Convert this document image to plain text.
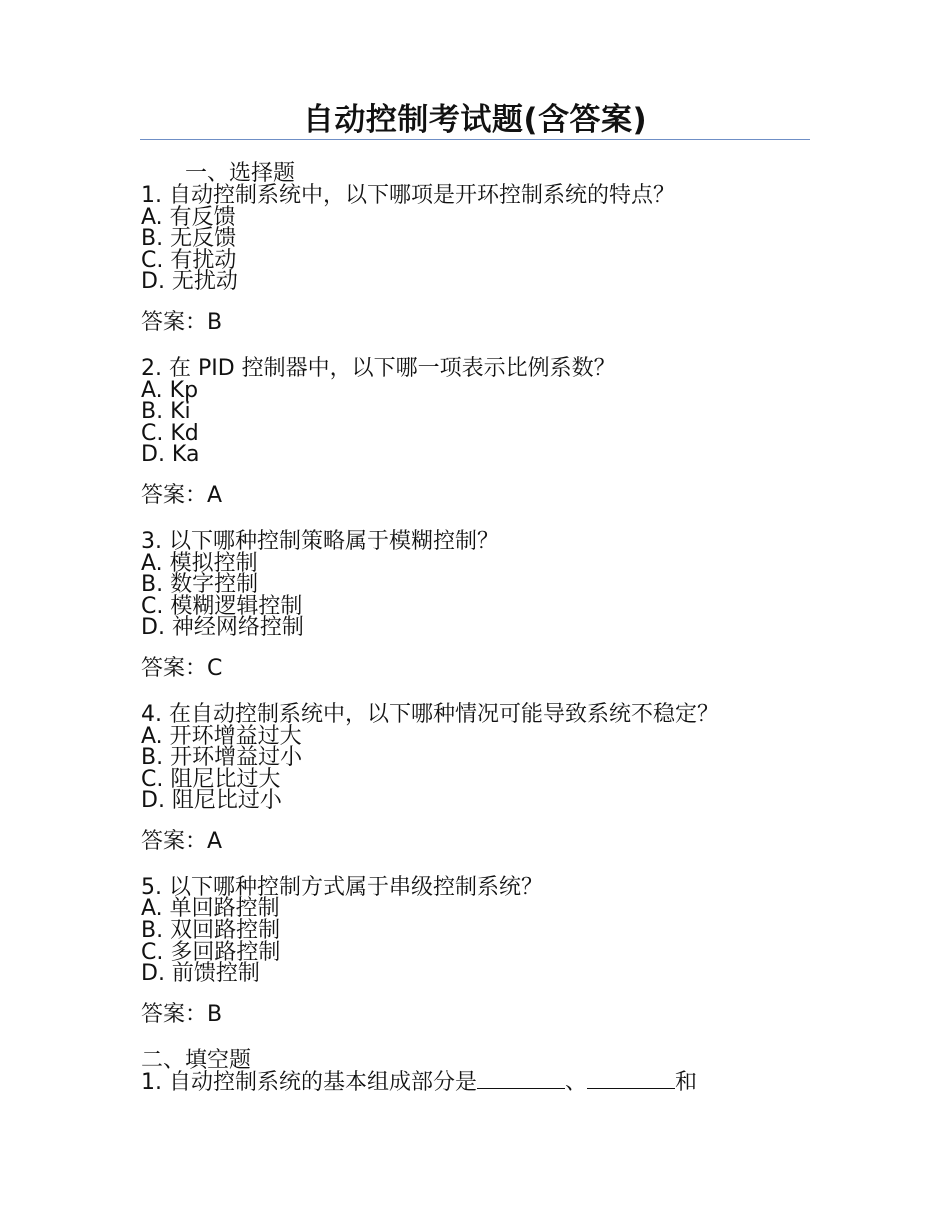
自动控制考试题(含答案)
一、选择题
1. 自动控制系统中，以下哪项是开环控制系统的特点？
A. 有反馈
B. 无反馈
C. 有扰动
D. 无扰动
答案：B
2. 在 PID 控制器中，以下哪一项表示比例系数？
A. Kp
B. Ki
C. Kd
D. Ka
答案：A
3. 以下哪种控制策略属于模糊控制？
A. 模拟控制
B. 数字控制
C. 模糊逻辑控制
D. 神经网络控制
答案：C
4. 在自动控制系统中，以下哪种情况可能导致系统不稳定？
A. 开环增益过大
B. 开环增益过小
C. 阻尼比过大
D. 阻尼比过小
答案：A
5. 以下哪种控制方式属于串级控制系统？
A. 单回路控制
B. 双回路控制
C. 多回路控制
D. 前馈控制
答案：B
二、填空题
1. 自动控制系统的基本组成部分是	、	和
